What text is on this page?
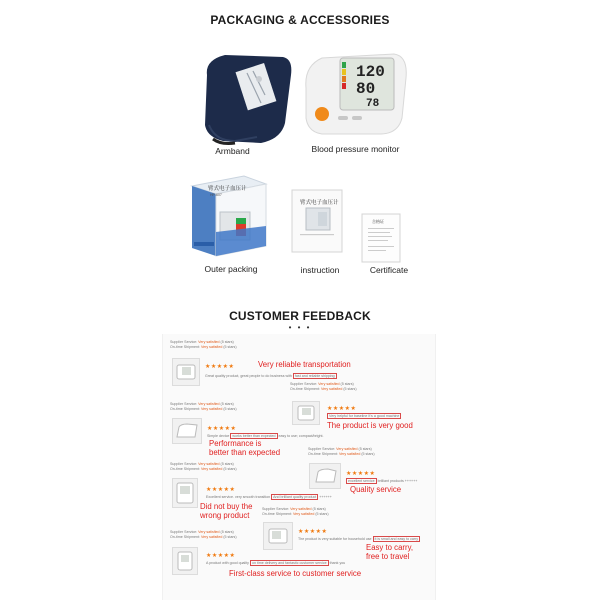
PACKAGING & ACCESSORIES
Armband
120
80
78
Blood pressure monitor
臂式电子血压计
HP-607
Outer packing
臂式电子血压计
instruction
合格证
Certificate
CUSTOMER FEEDBACK
• • •
Supplier Service: Very satisfied (5 stars)
On-time Shipment: Very satisfied (5 stars)
★★★★★	Very reliable transportation
Great quality product, great people to do business with fast and reliable shipping
Supplier Service: Very satisfied (5 stars)
On-time Shipment: Very satisfied (5 stars)
★★★★★
Very helpful for baseline It's a good machine
The product is very good
Supplier Service: Very satisfied (5 stars)
On-time Shipment: Very satisfied (5 stars)
★★★★★
Simple device works better than expected easy to use; compact/bright.
Performance is
better than expected	Supplier Service: Very satisfied (5 stars)
On-time Shipment: Very satisfied (5 stars)
★★★★★
excellent service brilliant products ++++++
Quality service
Supplier Service: Very satisfied (5 stars)
On-time Shipment: Very satisfied (5 stars)
★★★★★
Excellent service. very smooth transition And brilliant quality product ++++++
Did not buy the
wrong product
Supplier Service: Very satisfied (5 stars)
On-time Shipment: Very satisfied (5 stars)
★★★★★
The product is very suitable for household use It is small and easy to carry
Easy to carry,
free to travel
Supplier Service: Very satisfied (5 stars)
On-time Shipment: Very satisfied (5 stars)
★★★★★
A product with good quality on time delivery and fantastic customer service thank you
First-class service to customer service
